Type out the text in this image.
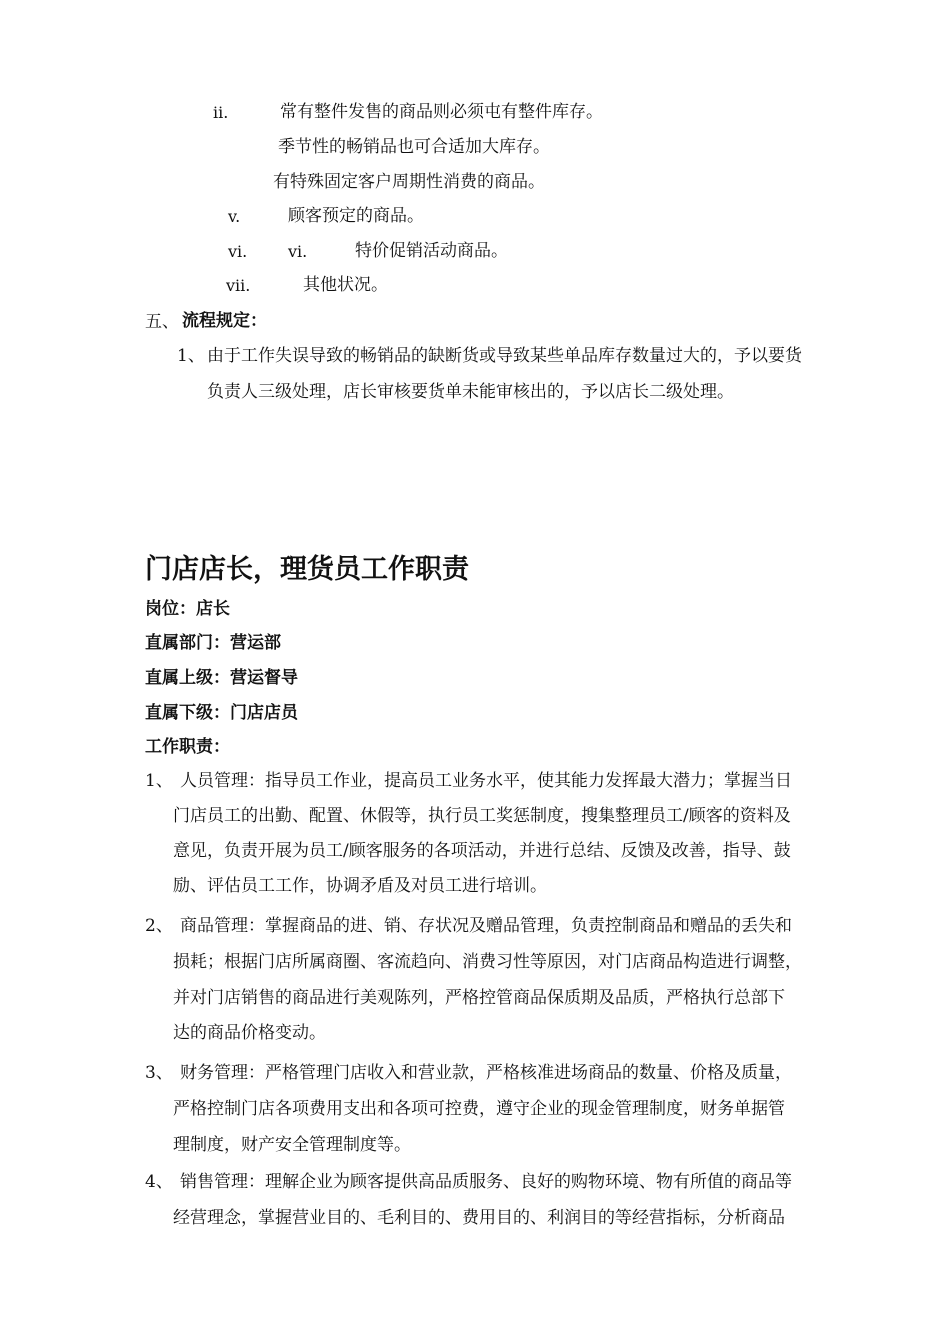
ii.	常有整件发售的商品则必须屯有整件库存。
季节性的畅销品也可合适加大库存。
有特殊固定客户周期性消费的商品。
v.	顾客预定的商品。
vi.	vi.	特价促销活动商品。
vii.	其他状况。
五、 流程规定：
1、 由于工作失误导致的畅销品的缺断货或导致某些单品库存数量过大的，予以要货
负责人三级处理，店长审核要货单未能审核出的，予以店长二级处理。
门店店长，理货员工作职责
岗位：店长
直属部门：营运部
直属上级：营运督导
直属下级：门店店员
工作职责：
1、 人员管理：指导员工作业，提高员工业务水平，使其能力发挥最大潜力；掌握当日
门店员工的出勤、配置、休假等，执行员工奖惩制度，搜集整理员工/顾客的资料及
意见，负责开展为员工/顾客服务的各项活动，并进行总结、反馈及改善，指导、鼓
励、评估员工工作，协调矛盾及对员工进行培训。
2、 商品管理：掌握商品的进、销、存状况及赠品管理，负责控制商品和赠品的丢失和
损耗；根据门店所属商圈、客流趋向、消费习性等原因，对门店商品构造进行调整，
并对门店销售的商品进行美观陈列，严格控管商品保质期及品质，严格执行总部下
达的商品价格变动。
3、 财务管理：严格管理门店收入和营业款，严格核准进场商品的数量、价格及质量，
严格控制门店各项费用支出和各项可控费，遵守企业的现金管理制度，财务单据管
理制度，财产安全管理制度等。
4、 销售管理：理解企业为顾客提供高品质服务、良好的购物环境、物有所值的商品等
经营理念，掌握营业目的、毛利目的、费用目的、利润目的等经营指标，分析商品
